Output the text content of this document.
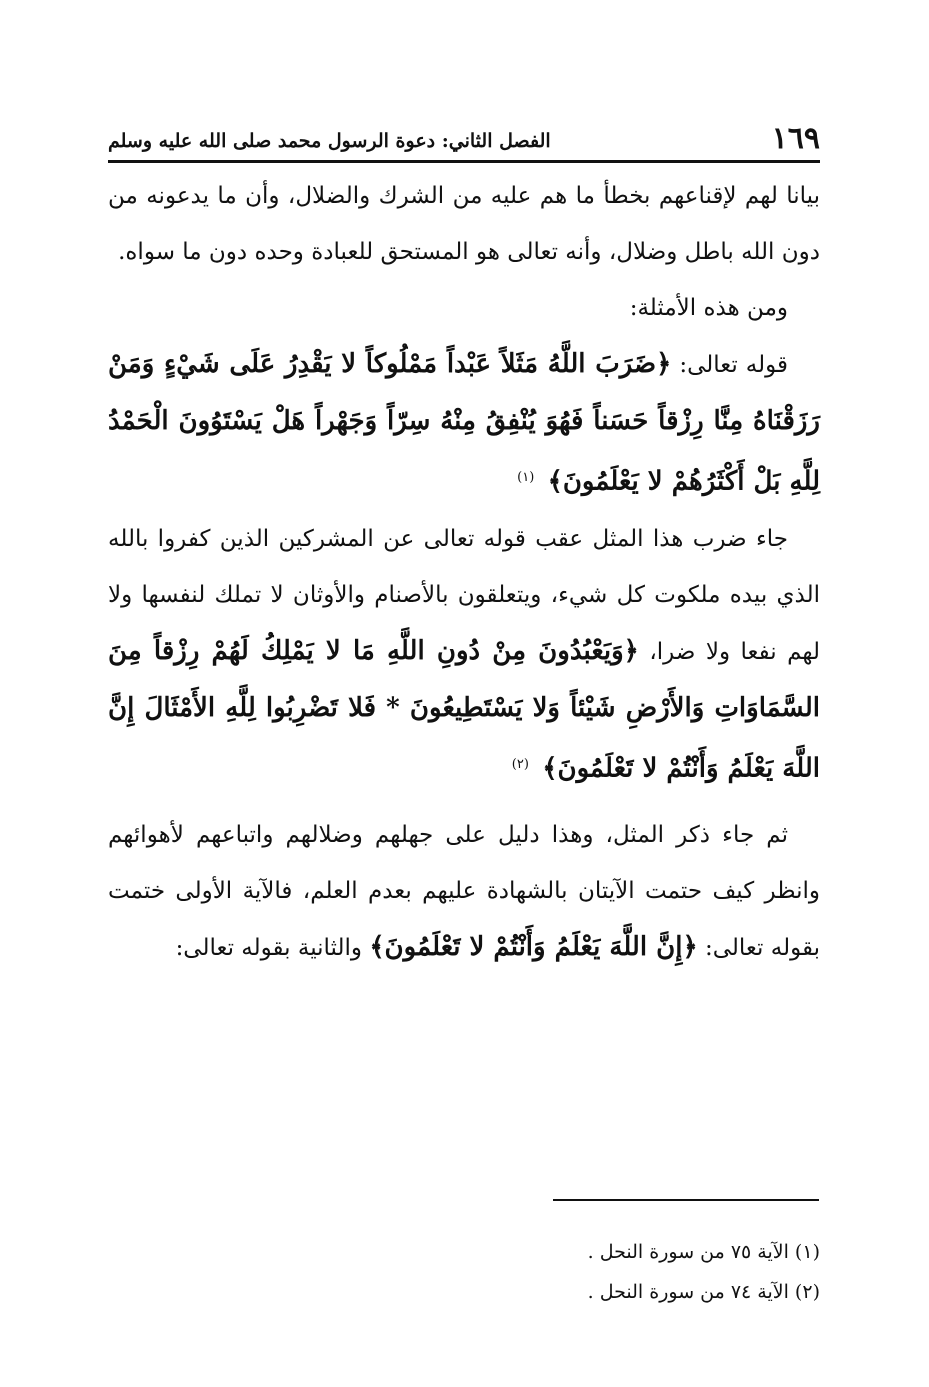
١٦٩
الفصل الثاني: دعوة الرسول محمد صلى الله عليه وسلم

بيانا لهم لإقناعهم بخطأ ما هم عليه من الشرك والضلال، وأن ما يدعونه من دون الله باطل وضلال، وأنه تعالى هو المستحق للعبادة وحده دون ما سواه.

ومن هذه الأمثلة:

قوله تعالى: ﴿ضَرَبَ اللَّهُ مَثَلاً عَبْداً مَمْلُوكاً لا يَقْدِرُ عَلَى شَيْءٍ وَمَنْ رَزَقْنَاهُ مِنَّا رِزْقاً حَسَناً فَهُوَ يُنْفِقُ مِنْهُ سِرّاً وَجَهْراً هَلْ يَسْتَوُونَ الْحَمْدُ لِلَّهِ بَلْ أَكْثَرُهُمْ لا يَعْلَمُونَ﴾ $^{(١)}$

جاء ضرب هذا المثل عقب قوله تعالى عن المشركين الذين كفروا بالله الذي بيده ملكوت كل شيء، ويتعلقون بالأصنام والأوثان لا تملك لنفسها ولا لهم نفعا ولا ضرا، ﴿وَيَعْبُدُونَ مِنْ دُونِ اللَّهِ مَا لا يَمْلِكُ لَهُمْ رِزْقاً مِنَ السَّمَاوَاتِ وَالأَرْضِ شَيْئاً وَلا يَسْتَطِيعُونَ * فَلا تَضْرِبُوا لِلَّهِ الأَمْثَالَ إِنَّ اللَّهَ يَعْلَمُ وَأَنْتُمْ لا تَعْلَمُونَ﴾ $^{(٢)}$

ثم جاء ذكر المثل، وهذا دليل على جهلهم وضلالهم واتباعهم لأهوائهم وانظر كيف حتمت الآيتان بالشهادة عليهم بعدم العلم، فالآية الأولى ختمت بقوله تعالى: ﴿إِنَّ اللَّهَ يَعْلَمُ وَأَنْتُمْ لا تَعْلَمُونَ﴾ والثانية بقوله تعالى:

(١) الآية ٧٥ من سورة النحل .

(٢) الآية ٧٤ من سورة النحل .
